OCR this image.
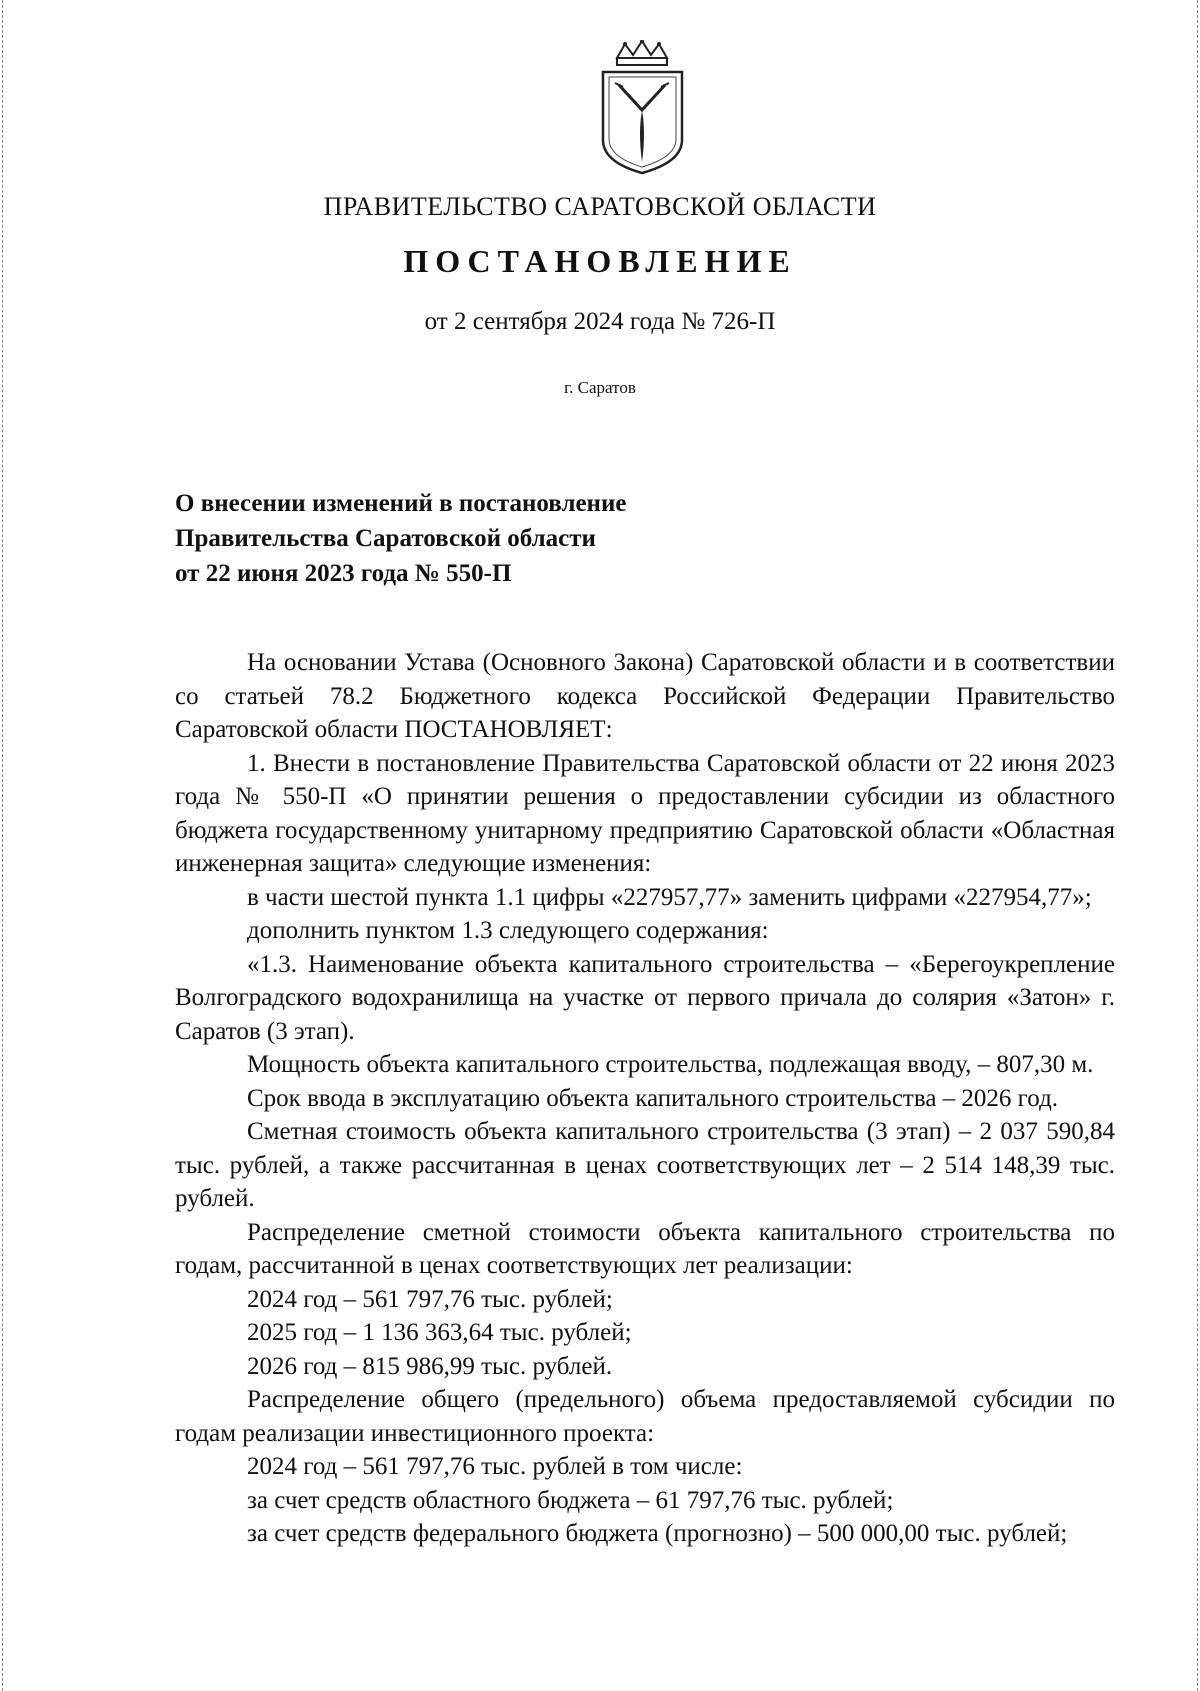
ПРАВИТЕЛЬСТВО САРАТОВСКОЙ ОБЛАСТИ
ПОСТАНОВЛЕНИЕ
от 2 сентября 2024 года № 726-П
г. Саратов
О внесении изменений в постановление
Правительства Саратовской области
от 22 июня 2023 года № 550-П

На основании Устава (Основного Закона) Саратовской области и в соответствии со статьей 78.2 Бюджетного кодекса Российской Федерации Правительство Саратовской области ПОСТАНОВЛЯЕТ:

1. Внести в постановление Правительства Саратовской области от 22 июня 2023 года № 550-П «О принятии решения о предоставлении субсидии из областного бюджета государственному унитарному предприятию Саратовской области «Областная инженерная защита» следующие изменения:

в части шестой пункта 1.1 цифры «227957,77» заменить цифрами «227954,77»;

дополнить пунктом 1.3 следующего содержания:

«1.3. Наименование объекта капитального строительства – «Берегоукрепление Волгоградского водохранилища на участке от первого причала до солярия «Затон» г. Саратов (3 этап).

Мощность объекта капитального строительства, подлежащая вводу, – 807,30 м.

Срок ввода в эксплуатацию объекта капитального строительства – 2026 год.

Сметная стоимость объекта капитального строительства (3 этап) – 2 037 590,84 тыс. рублей, а также рассчитанная в ценах соответствующих лет – 2 514 148,39 тыс. рублей.

Распределение сметной стоимости объекта капитального строительства по годам, рассчитанной в ценах соответствующих лет реализации:

2024 год – 561 797,76 тыс. рублей;

2025 год – 1 136 363,64 тыс. рублей;

2026 год – 815 986,99 тыс. рублей.

Распределение общего (предельного) объема предоставляемой субсидии по годам реализации инвестиционного проекта:

2024 год – 561 797,76 тыс. рублей в том числе:

за счет средств областного бюджета – 61 797,76 тыс. рублей;

за счет средств федерального бюджета (прогнозно) – 500 000,00 тыс. рублей;
